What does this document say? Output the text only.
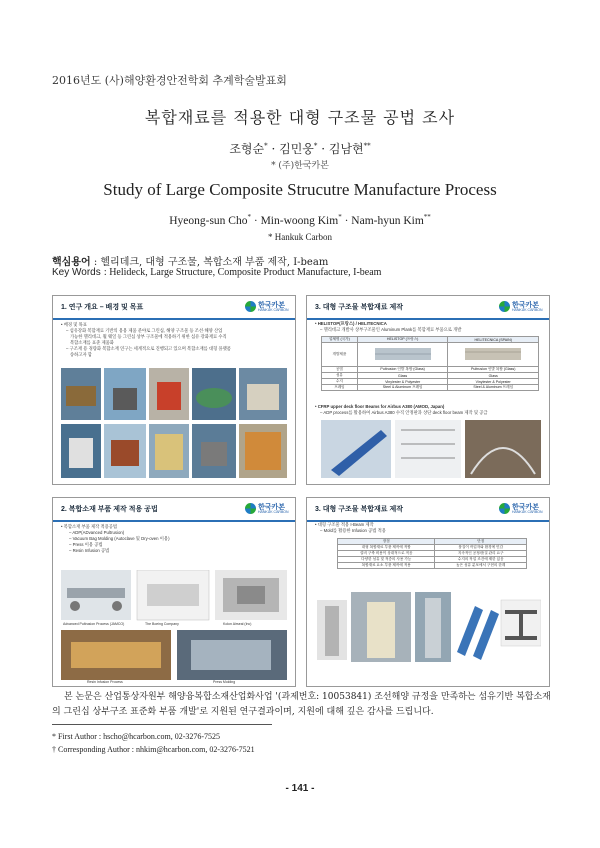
2016년도 (사)해양환경안전학회 추계학술발표회
복합재료를 적용한 대형 구조물 공법 조사
조형순* · 김민웅* · 김남현**
* (주)한국카본
Study of Large Composite Strucutre Manufacture Process
Hyeong-sun Cho* · Min-woong Kim* · Nam-hyun Kim**
* Hankuk Carbon
핵심용어 : 헬리데크, 대형 구조물, 복합소재 부품 제작, I-beam
Key Words : Helideck, Large Structure, Composite Product Manufacture, I-beam
1. 연구 개요 – 배경 및 목표	한국카본
HANKUK CARBON
• 배경 및 목표
– 섬유강화 복합재료 기반의 용용 제품 분야로 그린십, 해양 구조물 등 조선·해양 산업
가능한 헬리데크, 월 웨일 등 그린십 상부 구조물에 적용하기 위한 섬유 강화재료 수직
복합소재를 표준 제품화
– 구조재 용 경량화 복합소재 연구는 세계적으로 진행되고 있으며 복합소재를 대형 플랫폼
송하고자 함
3. 대형 구조물 복합재료 제작	한국카본
HANKUK CARBON
• HELISTOP(프랑스) / HELITECNICA
– 헬리데크 개발사 상부구조물인 Aluminum Plank를 복합재료 부품으로 개발
업체명 (국가)	HELISTOP (프랑스)	HELITECNICA (SPAIN)
개발제품		
공법	Pultrusion 인발 복합 (Glass)	Pultrusion 인발 복합 (Glass)
섬유	Glass	Glass
수지	Vinylester & Polyester	Vinylester & Polyester
프레임	Steel & Aluminum 프레임	Steel & Aluminum 프레임
• CFRP upper deck floor Beams for Airbus A380 (AMOD, Japan)
– ADP process를 활용하여 Airbus A380 수직 안정판과 상단 deck floor beam 제작 및 공급
2. 복합소재 부품 제작 적용 공법	한국카본
HANKUK CARBON
• 복합소재 부품 제작 적용공법
– ADP(ADvanced Pultrusion)
– Vacuum Bag Molding (Autoclave 및 Dry-oven 이용)
– Press 이용 공법
– Resin Infusion 공법
Advanced Pultrusion Process (JAMCO)	The Boeing Company	Kolon Airseal (Inc)
Resin Infusion Process	Press Molding
3. 대형 구조물 복합재료 제작	한국카본
HANKUK CARBON
• 대형 구조물 적용 I-Beam 제작
– Mold를 활용한 Infusion 공법 적용
장점	단점
대형 복합재료 부품 제작에 적합	품질이 작업자와 환경에 민감
설비 구축 비용이 상대적으로 적음	지속적인 공정/품질 관리 요구
다양한 섬유 및 적층의 사용 가능	수지의 작업 조건에 제한 있음
복합재료 요소 부품 제작에 적용	높은 섬유 분포에서 구현의 한계
본 논문은 산업통상자원부 해양융복합소재산업화사업 '(과제번호: 10053841) 조선해양 규정을 만족하는 섬유기반 복합소재의 그린십 상부구조 표준화 부품 개발'로 지원된 연구결과이며, 지원에 대해 깊은 감사를 드립니다.
* First Author : hscho@hcarbon.com, 02-3276-7525
† Corresponding Author : nhkim@hcarbon.com, 02-3276-7521
- 141 -
